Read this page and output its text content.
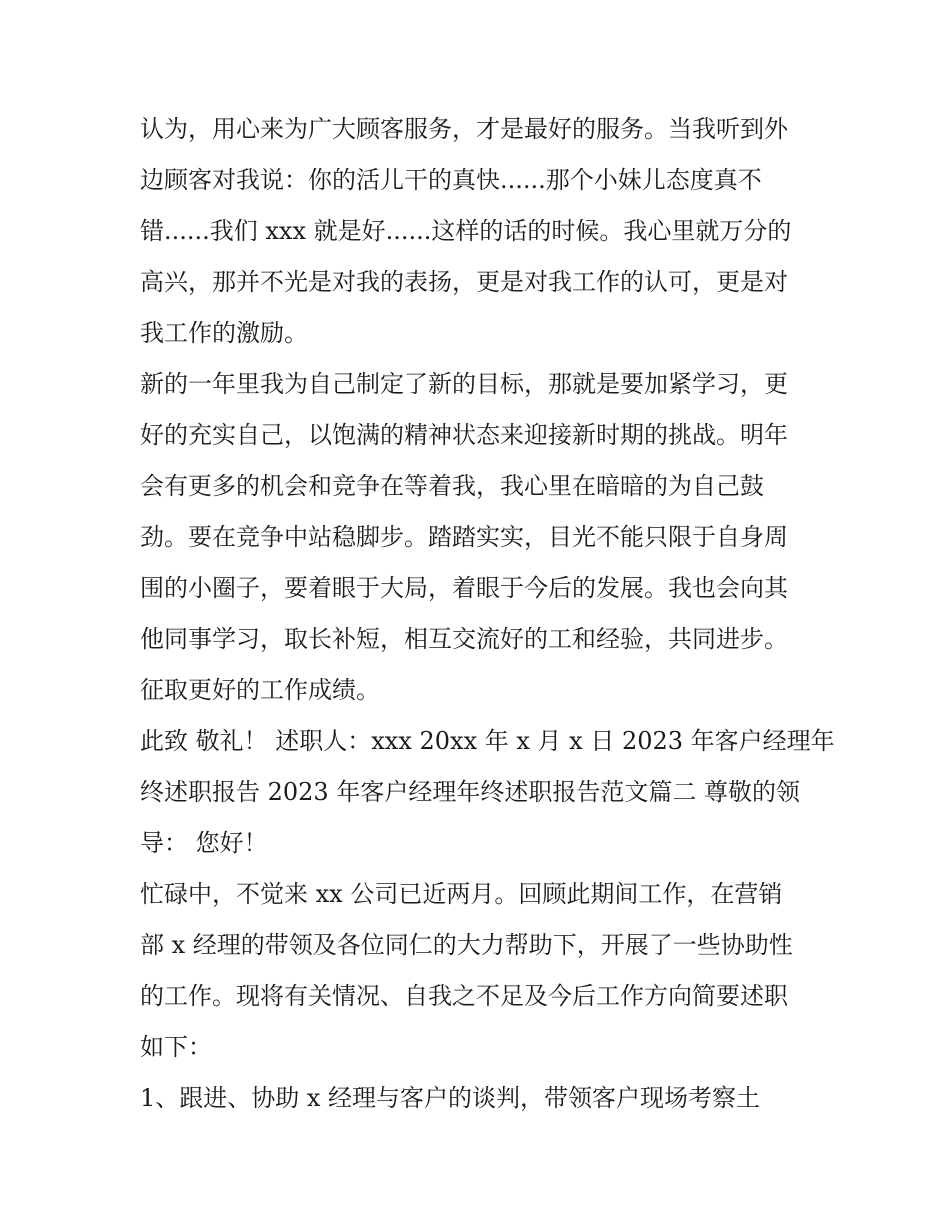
认为，用心来为广大顾客服务，才是最好的服务。当我听到外
边顾客对我说：你的活儿干的真快......那个小妹儿态度真不
错......我们 xxx 就是好......这样的话的时候。我心里就万分的
高兴，那并不光是对我的表扬，更是对我工作的认可，更是对
我工作的激励。
新的一年里我为自己制定了新的目标，那就是要加紧学习，更
好的充实自己，以饱满的精神状态来迎接新时期的挑战。明年
会有更多的机会和竞争在等着我，我心里在暗暗的为自己鼓
劲。要在竞争中站稳脚步。踏踏实实，目光不能只限于自身周
围的小圈子，要着眼于大局，着眼于今后的发展。我也会向其
他同事学习，取长补短，相互交流好的工和经验，共同进步。
征取更好的工作成绩。
此致 敬礼！ 述职人：xxx 20xx 年 x 月 x 日 2023 年客户经理年
终述职报告 2023 年客户经理年终述职报告范文篇二 尊敬的领
导： 您好！
忙碌中，不觉来 xx 公司已近两月。回顾此期间工作，在营销
部 x 经理的带领及各位同仁的大力帮助下，开展了一些协助性
的工作。现将有关情况、自我之不足及今后工作方向简要述职
如下：
1、跟进、协助 x 经理与客户的谈判，带领客户现场考察土
